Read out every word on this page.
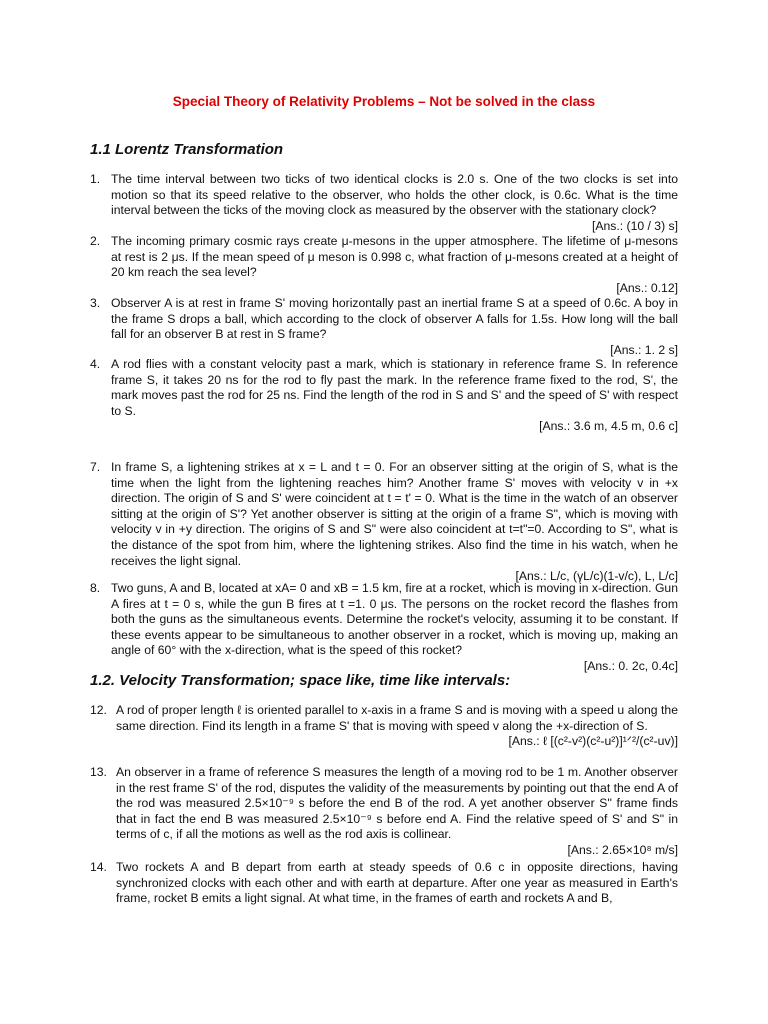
Special Theory of Relativity Problems – Not be solved in the class
1.1 Lorentz Transformation
1. The time interval between two ticks of two identical clocks is 2.0 s. One of the two clocks is set into motion so that its speed relative to the observer, who holds the other clock, is 0.6c. What is the time interval between the ticks of the moving clock as measured by the observer with the stationary clock?
[Ans.: (10 / 3) s]
2. The incoming primary cosmic rays create μ-mesons in the upper atmosphere. The lifetime of μ-mesons at rest is 2 μs. If the mean speed of μ meson is 0.998 c, what fraction of μ-mesons created at a height of 20 km reach the sea level?
[Ans.: 0.12]
3. Observer A is at rest in frame S' moving horizontally past an inertial frame S at a speed of 0.6c. A boy in the frame S drops a ball, which according to the clock of observer A falls for 1.5s. How long will the ball fall for an observer B at rest in S frame?
[Ans.: 1. 2 s]
4. A rod flies with a constant velocity past a mark, which is stationary in reference frame S. In reference frame S, it takes 20 ns for the rod to fly past the mark. In the reference frame fixed to the rod, S', the mark moves past the rod for 25 ns. Find the length of the rod in S and S' and the speed of S' with respect to S.
[Ans.: 3.6 m, 4.5 m, 0.6 c]
7. In frame S, a lightening strikes at x = L and t = 0. For an observer sitting at the origin of S, what is the time when the light from the lightening reaches him? Another frame S' moves with velocity v in +x direction. The origin of S and S' were coincident at t = t' = 0. What is the time in the watch of an observer sitting at the origin of S'? Yet another observer is sitting at the origin of a frame S", which is moving with velocity v in +y direction. The origins of S and S" were also coincident at t=t"=0. According to S", what is the distance of the spot from him, where the lightening strikes. Also find the time in his watch, when he receives the light signal.
[Ans.: L/c, (γL/c)(1-v/c), L, L/c]
8. Two guns, A and B, located at xA= 0 and xB = 1.5 km, fire at a rocket, which is moving in x-direction. Gun A fires at t = 0 s, while the gun B fires at t =1. 0 μs. The persons on the rocket record the flashes from both the guns as the simultaneous events. Determine the rocket's velocity, assuming it to be constant. If these events appear to be simultaneous to another observer in a rocket, which is moving up, making an angle of 60° with the x-direction, what is the speed of this rocket?
[Ans.: 0. 2c, 0.4c]
1.2. Velocity Transformation; space like, time like intervals:
12. A rod of proper length ℓ is oriented parallel to x-axis in a frame S and is moving with a speed u along the same direction. Find its length in a frame S' that is moving with speed v along the +x-direction of S.
[Ans.: ℓ [(c²-v²)(c²-u²)]¹ᐟ²/(c²-uv)]
13. An observer in a frame of reference S measures the length of a moving rod to be 1 m. Another observer in the rest frame S' of the rod, disputes the validity of the measurements by pointing out that the end A of the rod was measured 2.5×10⁻⁹ s before the end B of the rod. A yet another observer S'' frame finds that in fact the end B was measured 2.5×10⁻⁹ s before end A. Find the relative speed of S' and S" in terms of c, if all the motions as well as the rod axis is collinear.
[Ans.: 2.65×10⁸ m/s]
14. Two rockets A and B depart from earth at steady speeds of 0.6 c in opposite directions, having synchronized clocks with each other and with earth at departure. After one year as measured in Earth's frame, rocket B emits a light signal. At what time, in the frames of earth and rockets A and B,
